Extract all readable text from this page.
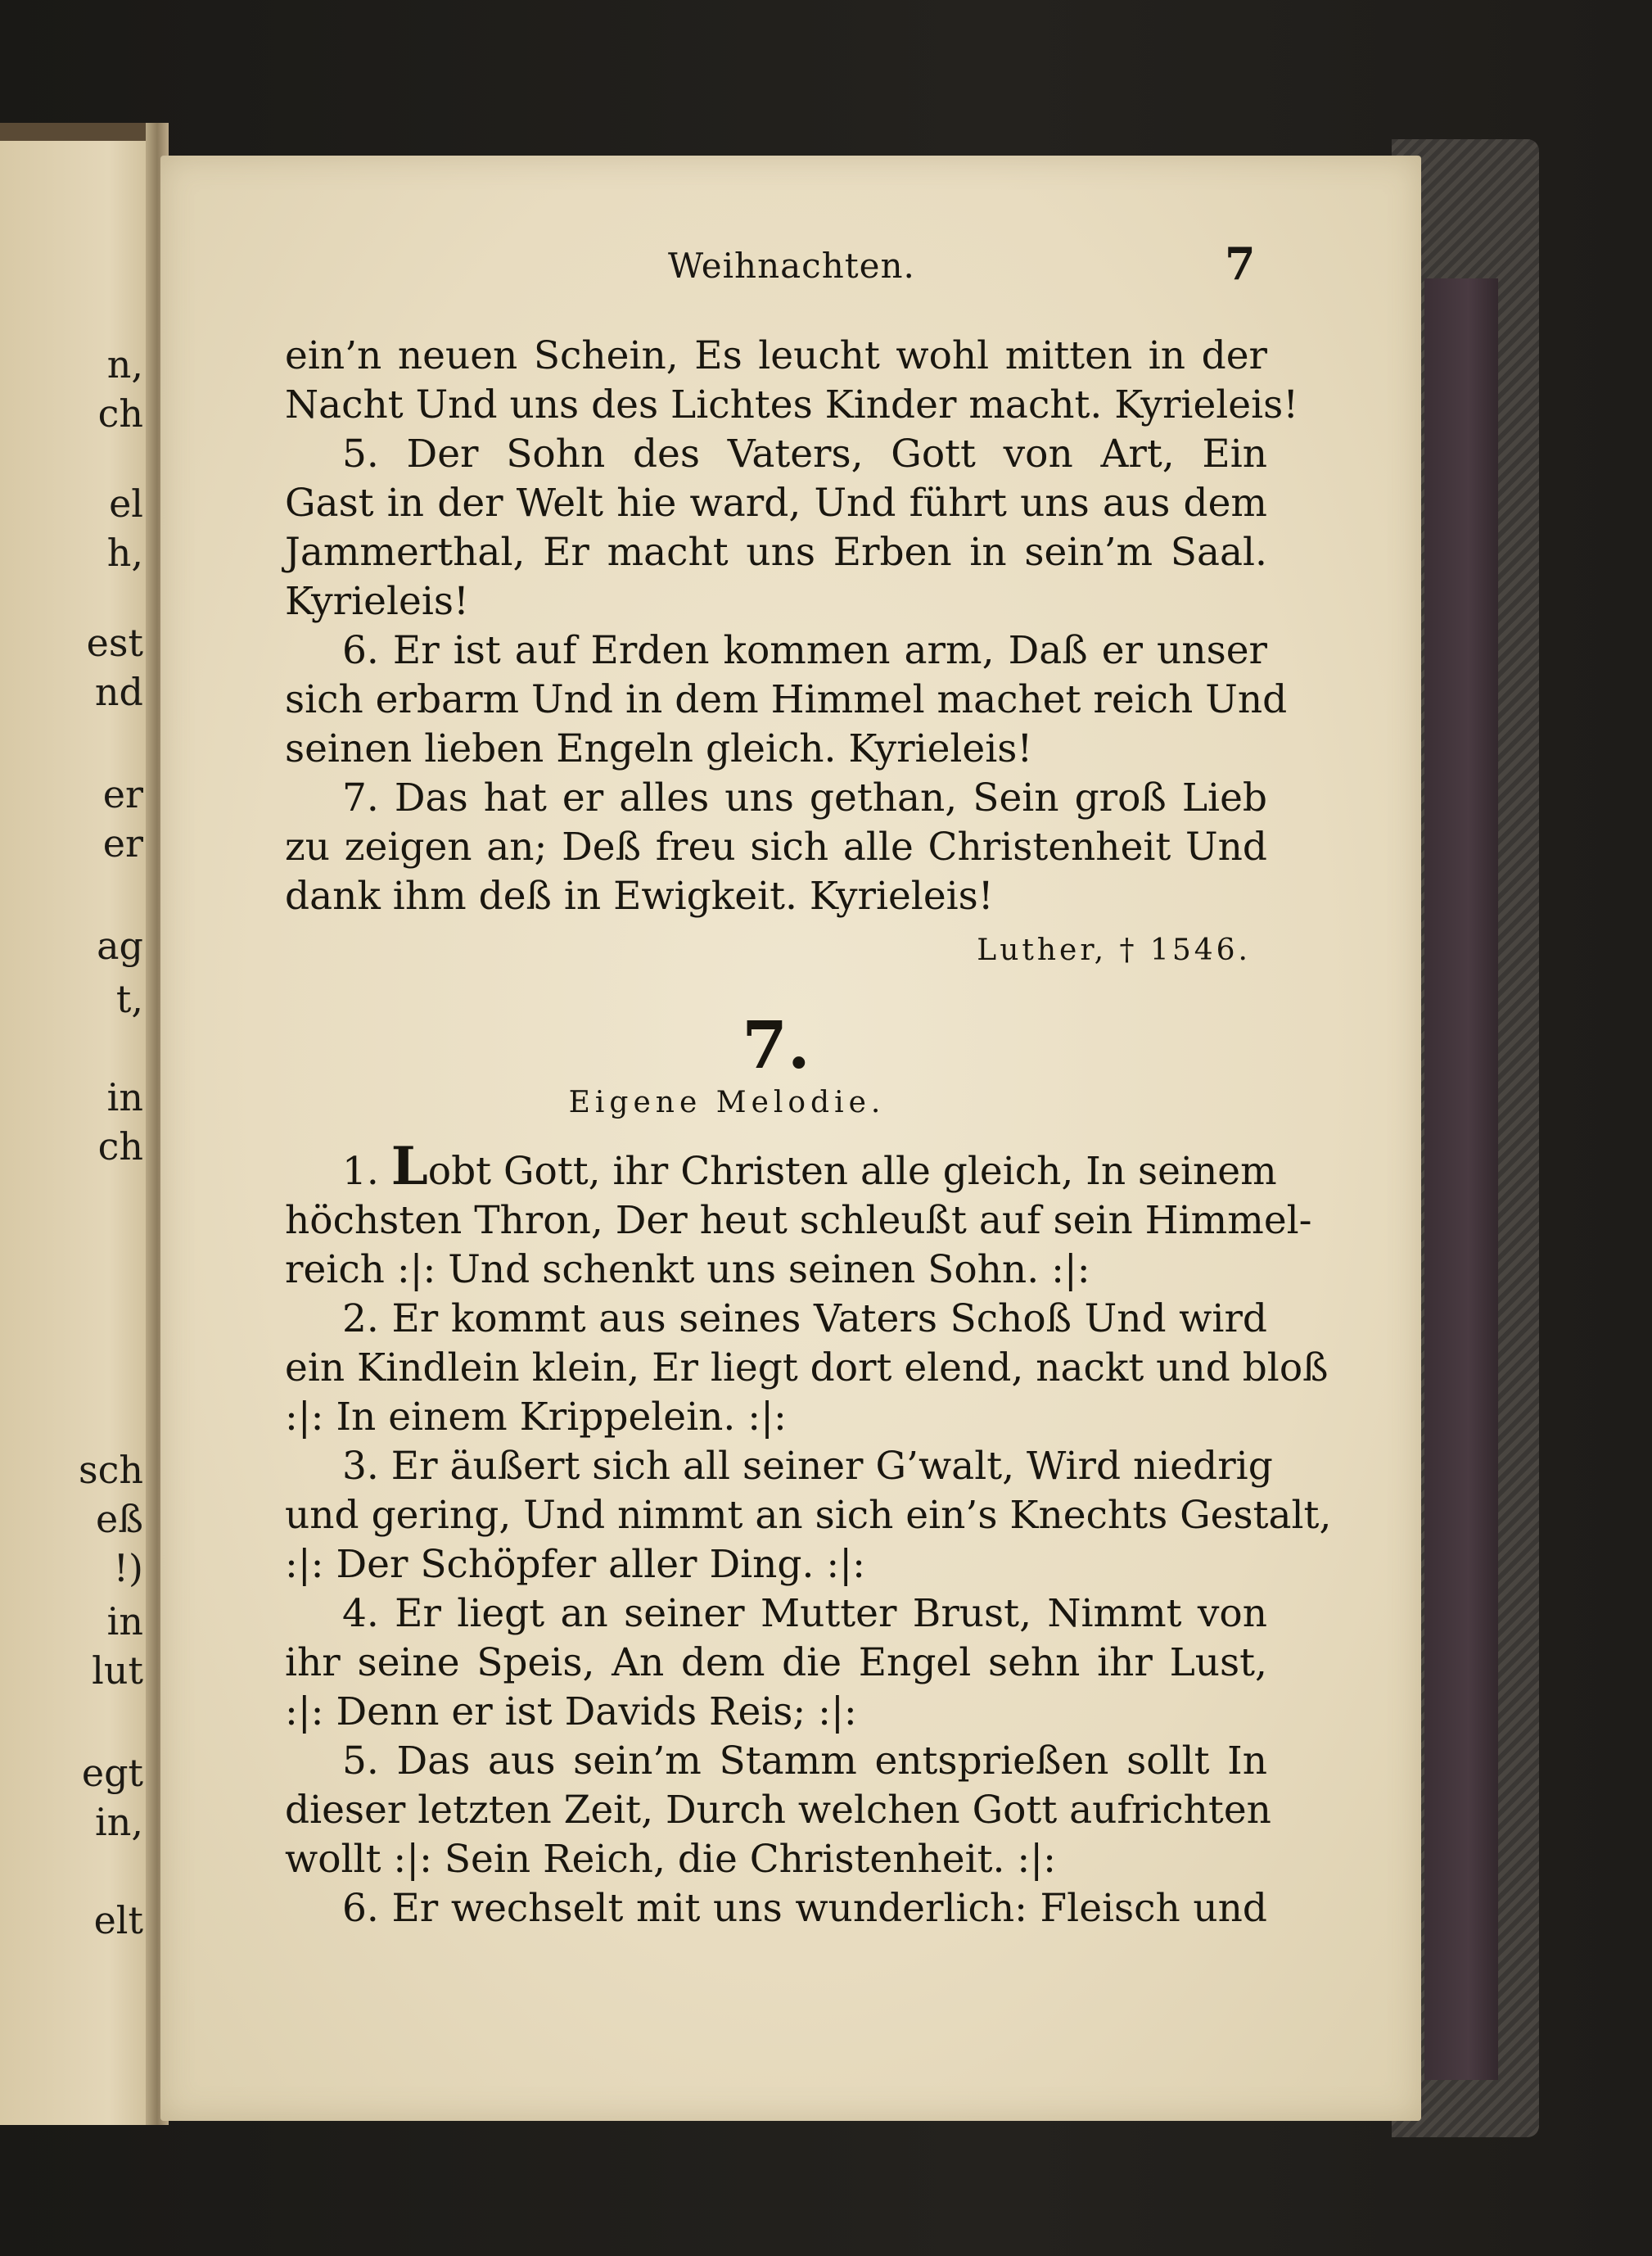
n,
ch
el
h,
est
nd
er
er
ag
t,
in
ch
sch
eß
!)
in
lut
egt
in,
elt
Weihnachten.	7
ein’n neuen Schein, Es leucht wohl mitten in der
Nacht Und uns des Lichtes Kinder macht. Kyrieleis!
5. Der Sohn des Vaters, Gott von Art, Ein
Gast in der Welt hie ward, Und führt uns aus dem
Jammerthal, Er macht uns Erben in sein’m Saal.
Kyrieleis!
6. Er ist auf Erden kommen arm, Daß er unser
sich erbarm Und in dem Himmel machet reich Und
seinen lieben Engeln gleich. Kyrieleis!
7. Das hat er alles uns gethan, Sein groß Lieb
zu zeigen an; Deß freu sich alle Christenheit Und
dank ihm deß in Ewigkeit. Kyrieleis!
Luther, † 1546.
7.
Eigene Melodie.
1. Lobt Gott, ihr Christen alle gleich, In seinem
höchsten Thron, Der heut schleußt auf sein Himmel-
reich :|: Und schenkt uns seinen Sohn. :|:
2. Er kommt aus seines Vaters Schoß Und wird
ein Kindlein klein, Er liegt dort elend, nackt und bloß
:|: In einem Krippelein. :|:
3. Er äußert sich all seiner G’walt, Wird niedrig
und gering, Und nimmt an sich ein’s Knechts Gestalt,
:|: Der Schöpfer aller Ding. :|:
4. Er liegt an seiner Mutter Brust, Nimmt von
ihr seine Speis, An dem die Engel sehn ihr Lust,
:|: Denn er ist Davids Reis; :|:
5. Das aus sein’m Stamm entsprießen sollt In
dieser letzten Zeit, Durch welchen Gott aufrichten
wollt :|: Sein Reich, die Christenheit. :|:
6. Er wechselt mit uns wunderlich: Fleisch und
